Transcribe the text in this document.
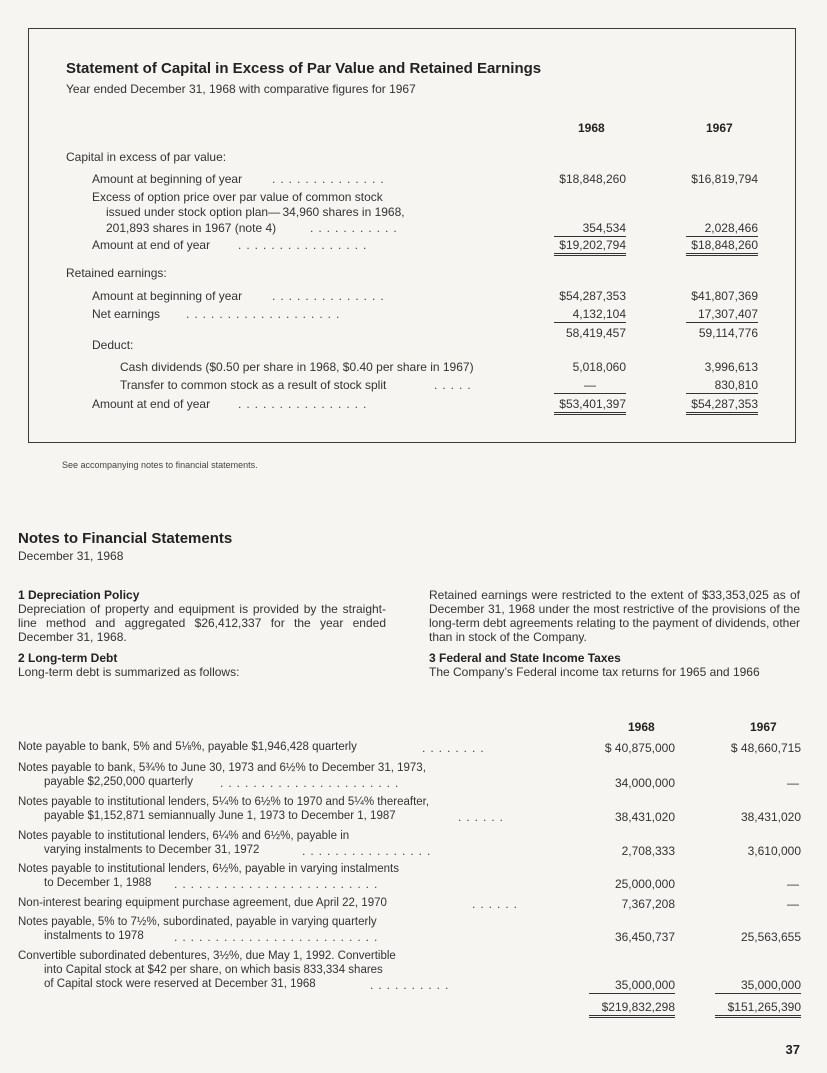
Statement of Capital in Excess of Par Value and Retained Earnings
Year ended December 31, 1968 with comparative figures for 1967
1968	1967
Capital in excess of par value:
Amount at beginning of year ..............	$18,848,260	$16,819,794
Excess of option price over par value of common stock
issued under stock option plan— 34,960 shares in 1968,
201,893 shares in 1967 (note 4)	...........	354,534	2,028,466
Amount at end of year ................	$19,202,794	$18,848,260
Retained earnings:
Amount at beginning of year ..............	$54,287,353	$41,807,369
Net earnings ...................	4,132,104	17,307,407
58,419,457	59,114,776
Deduct:
Cash dividends ($0.50 per share in 1968, $0.40 per share in 1967)	5,018,060	3,996,613
Transfer to common stock as a result of stock split	.....	—	830,810
Amount at end of year ................	$53,401,397	$54,287,353
See accompanying notes to financial statements.
Notes to Financial Statements
December 31, 1968
1 Depreciation Policy
Depreciation of property and equipment is provided by the straight-line method and aggregated $26,412,337 for the year ended December 31, 1968.
2 Long-term Debt
Long-term debt is summarized as follows:
Retained earnings were restricted to the extent of $33,353,025 as of December 31, 1968 under the most restrictive of the provisions of the long-term debt agreements relating to the payment of dividends, other than in stock of the Company.
3 Federal and State Income Taxes
The Company’s Federal income tax returns for 1965 and 1966
1968	1967
Note payable to bank, 5% and 5⅛%, payable $1,946,428 quarterly	........	$ 40,875,000	$ 48,660,715
Notes payable to bank, 5¾% to June 30, 1973 and 6½% to December 31, 1973,
payable $2,250,000 quarterly ......................	34,000,000	—
Notes payable to institutional lenders, 5¼% to 6½% to 1970 and 5¼% thereafter,
payable $1,152,871 semiannually June 1, 1973 to December 1, 1987	......	38,431,020	38,431,020
Notes payable to institutional lenders, 6¼% and 6½%, payable in
varying instalments to December 31, 1972	................	2,708,333	3,610,000
Notes payable to institutional lenders, 6½%, payable in varying instalments
to December 1, 1988 .........................	25,000,000	—
Non-interest bearing equipment purchase agreement, due April 22, 1970	......	7,367,208	—
Notes payable, 5% to 7½%, subordinated, payable in varying quarterly
instalments to 1978	.........................	36,450,737	25,563,655
Convertible subordinated debentures, 3½%, due May 1, 1992. Convertible
into Capital stock at $42 per share, on which basis 833,334 shares
of Capital stock were reserved at December 31, 1968	..........	35,000,000	35,000,000
$219,832,298	$151,265,390
37
